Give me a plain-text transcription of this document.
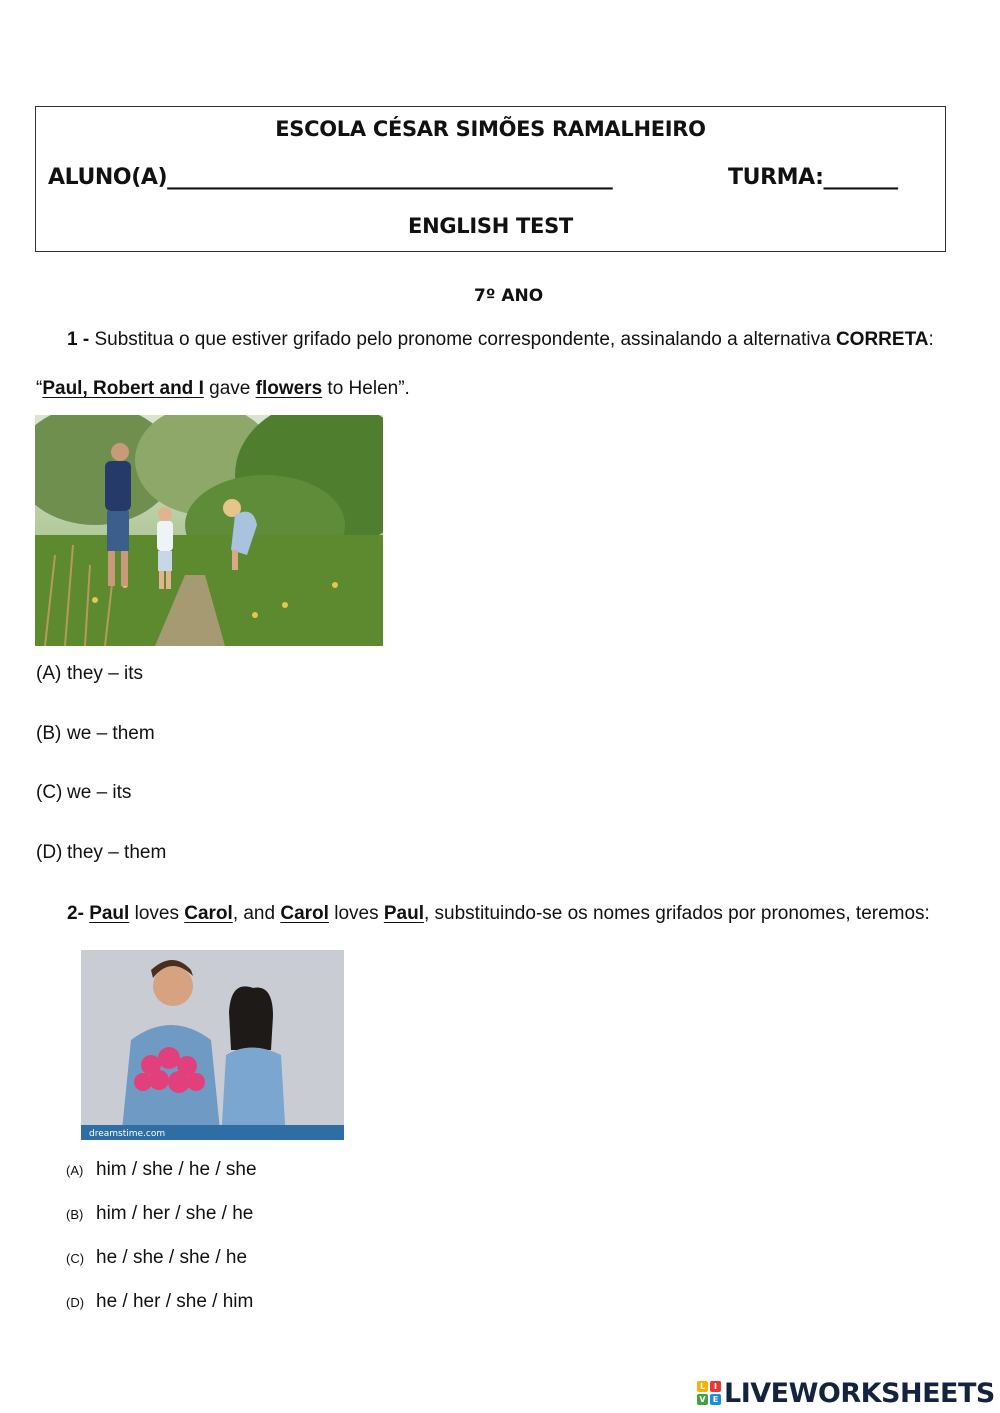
ESCOLA CÉSAR SIMÕES RAMALHEIRO
ALUNO(A)__________________________________________	TURMA:_______
ENGLISH TEST
7º ANO
1 - Substitua o que estiver grifado pelo pronome correspondente, assinalando a alternativa CORRETA:
“Paul, Robert and I gave flowers to Helen”.
(A) they – its
(B) we – them
(C) we – its
(D) they – them
2- Paul loves Carol, and Carol loves Paul, substituindo-se os nomes grifados por pronomes, teremos:
dreamstime.com
(A) him / she / he / she
(B) him / her / she / he
(C) he / she / she / he
(D) he / her / she / him
L	I
V E LIVEWORKSHEETS
